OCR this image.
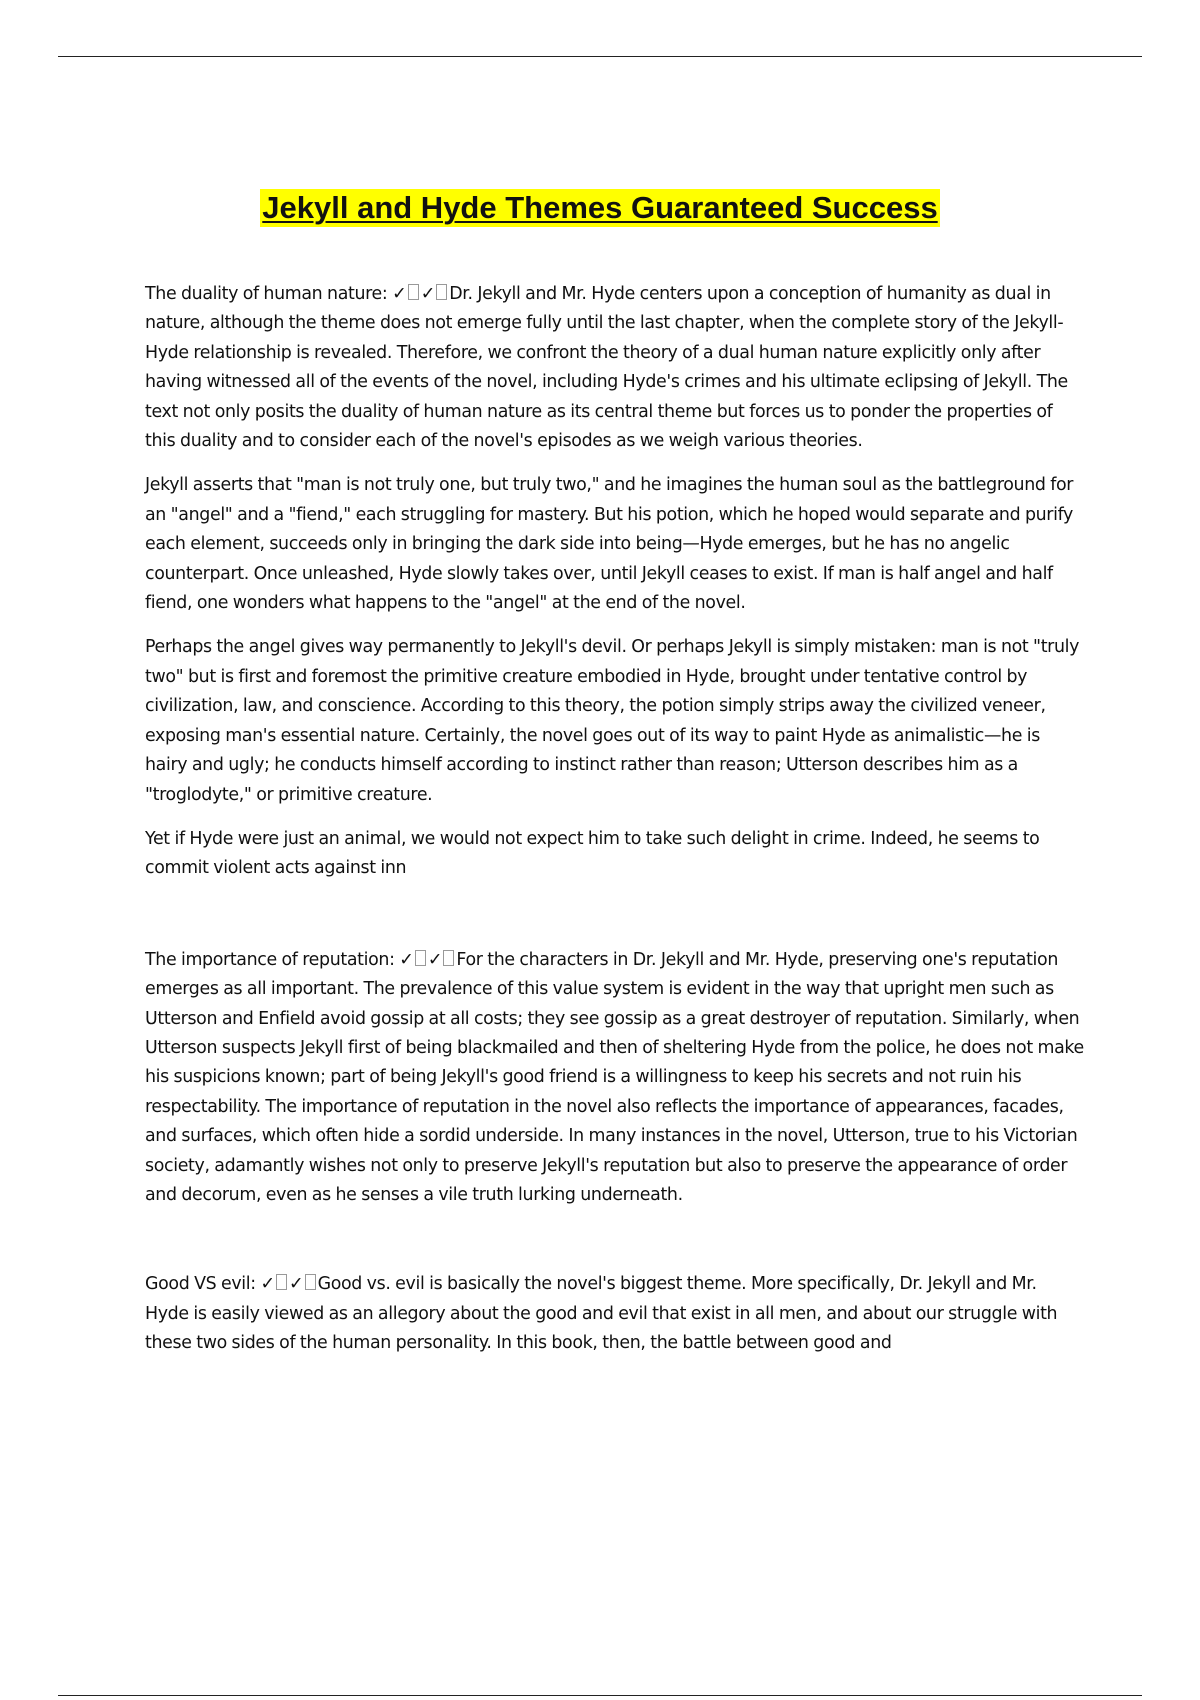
Jekyll and Hyde Themes Guaranteed Success

The duality of human nature: ✓ ✓ Dr. Jekyll and Mr. Hyde centers upon a conception of humanity as dual in nature, although the theme does not emerge fully until the last chapter, when the complete story of the Jekyll-Hyde relationship is revealed. Therefore, we confront the theory of a dual human nature explicitly only after having witnessed all of the events of the novel, including Hyde's crimes and his ultimate eclipsing of Jekyll. The text not only posits the duality of human nature as its central theme but forces us to ponder the properties of this duality and to consider each of the novel's episodes as we weigh various theories.

Jekyll asserts that "man is not truly one, but truly two," and he imagines the human soul as the battleground for an "angel" and a "fiend," each struggling for mastery. But his potion, which he hoped would separate and purify each element, succeeds only in bringing the dark side into being—Hyde emerges, but he has no angelic counterpart. Once unleashed, Hyde slowly takes over, until Jekyll ceases to exist. If man is half angel and half fiend, one wonders what happens to the "angel" at the end of the novel.

Perhaps the angel gives way permanently to Jekyll's devil. Or perhaps Jekyll is simply mistaken: man is not "truly two" but is first and foremost the primitive creature embodied in Hyde, brought under tentative control by civilization, law, and conscience. According to this theory, the potion simply strips away the civilized veneer, exposing man's essential nature. Certainly, the novel goes out of its way to paint Hyde as animalistic—he is hairy and ugly; he conducts himself according to instinct rather than reason; Utterson describes him as a "troglodyte," or primitive creature.

Yet if Hyde were just an animal, we would not expect him to take such delight in crime. Indeed, he seems to commit violent acts against inn

The importance of reputation: ✓ ✓ For the characters in Dr. Jekyll and Mr. Hyde, preserving one's reputation emerges as all important. The prevalence of this value system is evident in the way that upright men such as Utterson and Enfield avoid gossip at all costs; they see gossip as a great destroyer of reputation. Similarly, when Utterson suspects Jekyll first of being blackmailed and then of sheltering Hyde from the police, he does not make his suspicions known; part of being Jekyll's good friend is a willingness to keep his secrets and not ruin his respectability. The importance of reputation in the novel also reflects the importance of appearances, facades, and surfaces, which often hide a sordid underside. In many instances in the novel, Utterson, true to his Victorian society, adamantly wishes not only to preserve Jekyll's reputation but also to preserve the appearance of order and decorum, even as he senses a vile truth lurking underneath.

Good VS evil: ✓ ✓ Good vs. evil is basically the novel's biggest theme. More specifically, Dr. Jekyll and Mr. Hyde is easily viewed as an allegory about the good and evil that exist in all men, and about our struggle with these two sides of the human personality. In this book, then, the battle between good and
